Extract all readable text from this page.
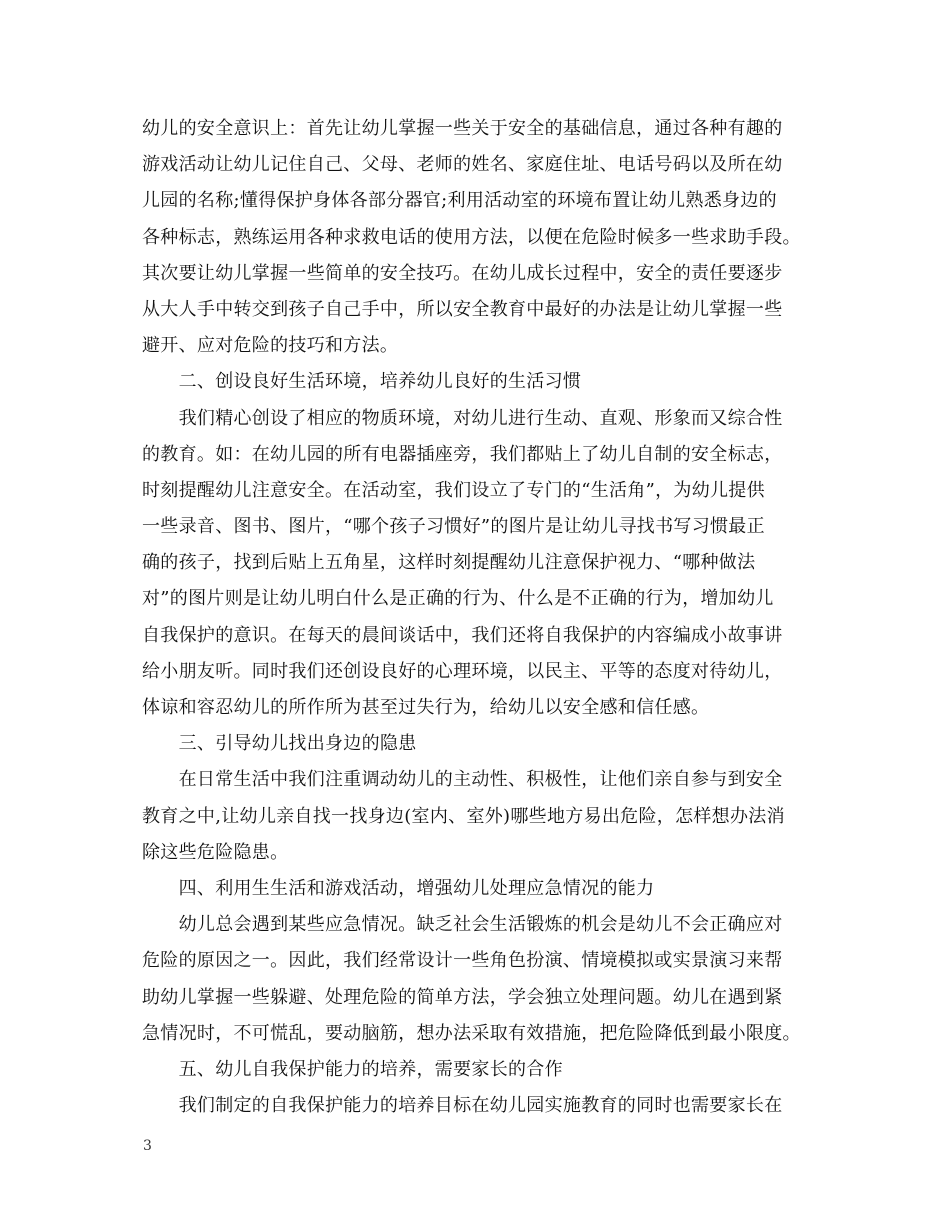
幼儿的安全意识上：首先让幼儿掌握一些关于安全的基础信息，通过各种有趣的
游戏活动让幼儿记住自己、父母、老师的姓名、家庭住址、电话号码以及所在幼
儿园的名称;懂得保护身体各部分器官;利用活动室的环境布置让幼儿熟悉身边的
各种标志，熟练运用各种求救电话的使用方法，以便在危险时候多一些求助手段。
其次要让幼儿掌握一些简单的安全技巧。在幼儿成长过程中，安全的责任要逐步
从大人手中转交到孩子自己手中，所以安全教育中最好的办法是让幼儿掌握一些
避开、应对危险的技巧和方法。
　　二、创设良好生活环境，培养幼儿良好的生活习惯
　　我们精心创设了相应的物质环境，对幼儿进行生动、直观、形象而又综合性
的教育。如：在幼儿园的所有电器插座旁，我们都贴上了幼儿自制的安全标志，
时刻提醒幼儿注意安全。在活动室，我们设立了专门的“生活角”，为幼儿提供
一些录音、图书、图片，“哪个孩子习惯好”的图片是让幼儿寻找书写习惯最正
确的孩子，找到后贴上五角星，这样时刻提醒幼儿注意保护视力、“哪种做法
对”的图片则是让幼儿明白什么是正确的行为、什么是不正确的行为，增加幼儿
自我保护的意识。在每天的晨间谈话中，我们还将自我保护的内容编成小故事讲
给小朋友听。同时我们还创设良好的心理环境，以民主、平等的态度对待幼儿，
体谅和容忍幼儿的所作所为甚至过失行为，给幼儿以安全感和信任感。
　　三、引导幼儿找出身边的隐患
　　在日常生活中我们注重调动幼儿的主动性、积极性，让他们亲自参与到安全
教育之中,让幼儿亲自找一找身边(室内、室外)哪些地方易出危险，怎样想办法消
除这些危险隐患。
　　四、利用生生活和游戏活动，增强幼儿处理应急情况的能力
　　幼儿总会遇到某些应急情况。缺乏社会生活锻炼的机会是幼儿不会正确应对
危险的原因之一。因此，我们经常设计一些角色扮演、情境模拟或实景演习来帮
助幼儿掌握一些躲避、处理危险的简单方法，学会独立处理问题。幼儿在遇到紧
急情况时，不可慌乱，要动脑筋，想办法采取有效措施，把危险降低到最小限度。
　　五、幼儿自我保护能力的培养，需要家长的合作
　　我们制定的自我保护能力的培养目标在幼儿园实施教育的同时也需要家长在
3
